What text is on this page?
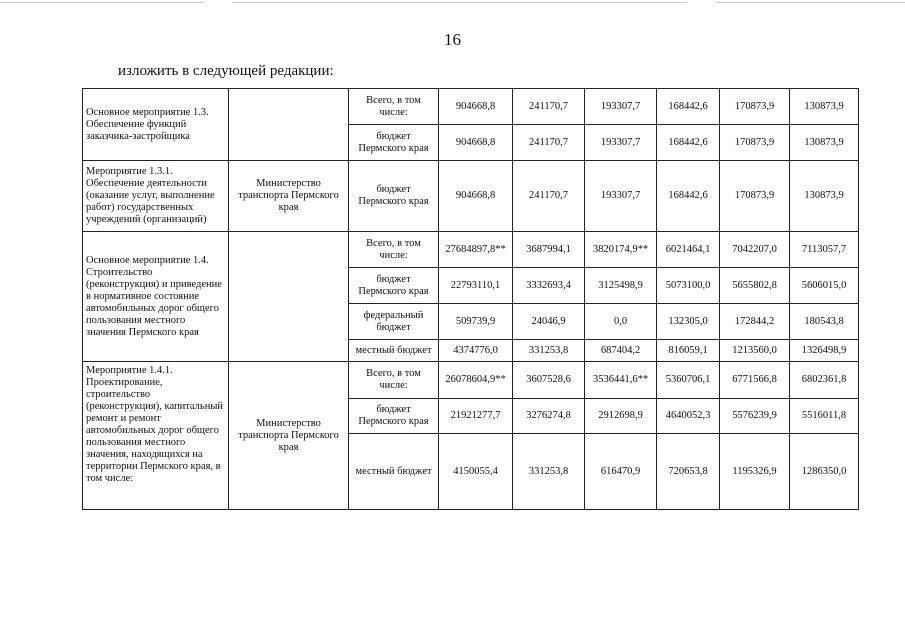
16
изложить в следующей редакции:
Основное мероприятие 1.3.
Обеспечение функций заказчика-застройщика		Всего, в том числе:	904668,8	241170,7	193307,7	168442,6	170873,9	130873,9
		бюджет Пермского края	904668,8	241170,7	193307,7	168442,6	170873,9	130873,9

Мероприятие 1.3.1.
Обеспечение деятельности (оказание услуг, выполнение работ) государственных учреждений (организаций)	Министерство транспорта Пермского края	бюджет Пермского края	904668,8	241170,7	193307,7	168442,6	170873,9	130873,9

Основное мероприятие 1.4.
Строительство (реконструкция) и приведение в нормативное состояние автомобильных дорог общего пользования местного значения Пермского края		Всего, в том числе:	27684897,8**	3687994,1	3820174,9**	6021464,1	7042207,0	7113057,7
		бюджет Пермского края	22793110,1	3332693,4	3125498,9	5073100,0	5655802,8	5606015,0
		федеральный бюджет	509739,9	24046,9	0,0	132305,0	172844,2	180543,8
		местный бюджет	4374776,0	331253,8	687404,2	816059,1	1213560,0	1326498,9

Мероприятие 1.4.1.
Проектирование, строительство (реконструкция), капитальный ремонт и ремонт автомобильных дорог общего пользования местного значения, находящихся на территории Пермского края, в том числе:	Министерство транспорта Пермского края	Всего, в том числе:	26078604,9**	3607528,6	3536441,6**	5360706,1	6771566,8	6802361,8
		бюджет Пермского края	21921277,7	3276274,8	2912698,9	4640052,3	5576239,9	5516011,8
		местный бюджет	4150055,4	331253,8	616470,9	720653,8	1195326,9	1286350,0
